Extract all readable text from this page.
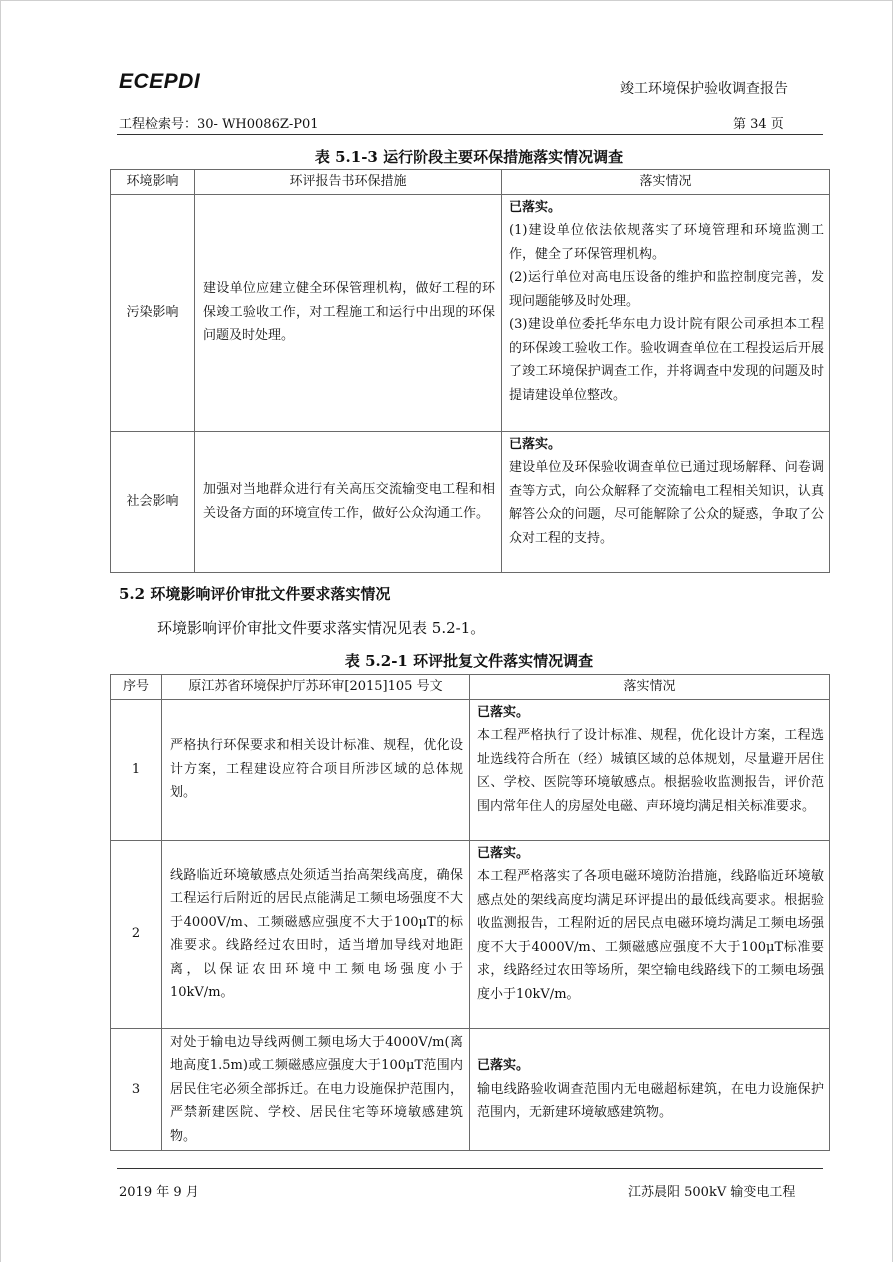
ECEPDI	竣工环境保护验收调查报告
工程检索号：30- WH0086Z-P01	第 34 页
表 5.1-3 运行阶段主要环保措施落实情况调查
环境影响	环评报告书环保措施	落实情况
污染影响	建设单位应建立健全环保管理机构，做好工程的环保竣工验收工作，对工程施工和运行中出现的环保问题及时处理。	已落实。
(1)建设单位依法依规落实了环境管理和环境监测工作，健全了环保管理机构。
(2)运行单位对高电压设备的维护和监控制度完善，发现问题能够及时处理。
(3)建设单位委托华东电力设计院有限公司承担本工程的环保竣工验收工作。验收调查单位在工程投运后开展了竣工环境保护调查工作，并将调查中发现的问题及时提请建设单位整改。
社会影响	加强对当地群众进行有关高压交流输变电工程和相关设备方面的环境宣传工作，做好公众沟通工作。	已落实。
建设单位及环保验收调查单位已通过现场解释、问卷调查等方式，向公众解释了交流输电工程相关知识，认真解答公众的问题，尽可能解除了公众的疑惑，争取了公众对工程的支持。
5.2 环境影响评价审批文件要求落实情况
环境影响评价审批文件要求落实情况见表 5.2-1。
表 5.2-1 环评批复文件落实情况调查
序号	原江苏省环境保护厅苏环审[2015]105 号文	落实情况
1	严格执行环保要求和相关设计标准、规程，优化设计方案，工程建设应符合项目所涉区域的总体规划。	已落实。
本工程严格执行了设计标准、规程，优化设计方案，工程选址选线符合所在（经）城镇区域的总体规划，尽量避开居住区、学校、医院等环境敏感点。根据验收监测报告，评价范围内常年住人的房屋处电磁、声环境均满足相关标准要求。
2	线路临近环境敏感点处须适当抬高架线高度，确保工程运行后附近的居民点能满足工频电场强度不大于4000V/m、工频磁感应强度不大于100μT的标准要求。线路经过农田时，适当增加导线对地距离，以保证农田环境中工频电场强度小于10kV/m。	已落实。
本工程严格落实了各项电磁环境防治措施，线路临近环境敏感点处的架线高度均满足环评提出的最低线高要求。根据验收监测报告，工程附近的居民点电磁环境均满足工频电场强度不大于4000V/m、工频磁感应强度不大于100μT标准要求，线路经过农田等场所，架空输电线路线下的工频电场强度小于10kV/m。
3	对处于输电边导线两侧工频电场大于4000V/m(离地高度1.5m)或工频磁感应强度大于100μT范围内居民住宅必须全部拆迁。在电力设施保护范围内，严禁新建医院、学校、居民住宅等环境敏感建筑物。	已落实。
输电线路验收调查范围内无电磁超标建筑，在电力设施保护范围内，无新建环境敏感建筑物。
2019 年 9 月	江苏晨阳 500kV 输变电工程
